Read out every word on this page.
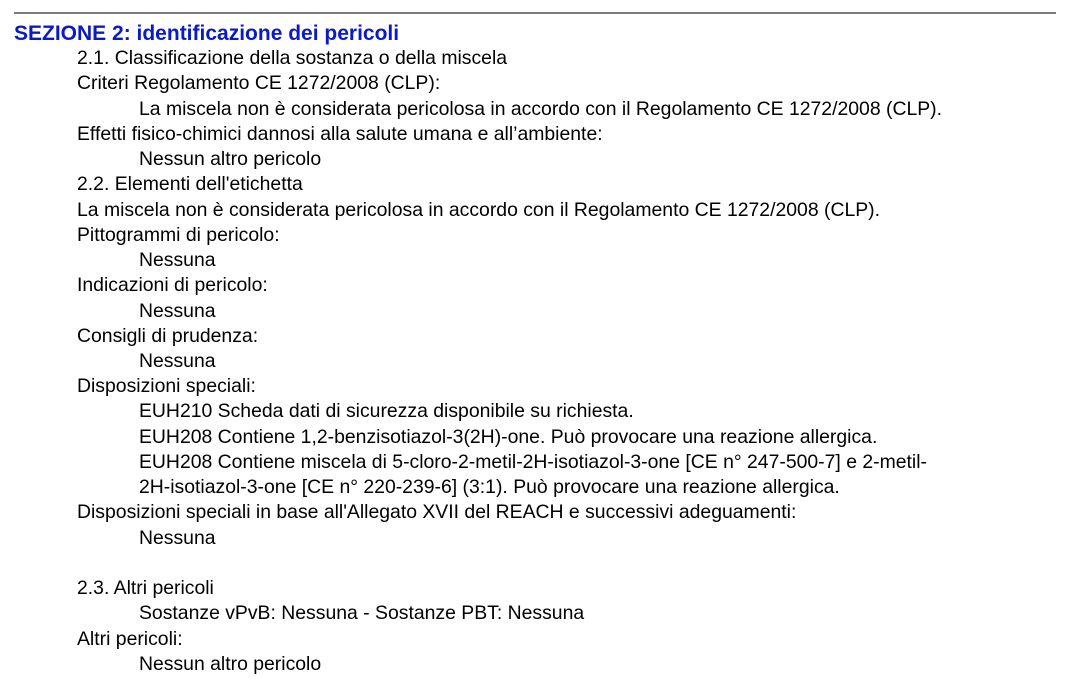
SEZIONE 2: identificazione dei pericoli
2.1. Classificazione della sostanza o della miscela
Criteri Regolamento CE 1272/2008 (CLP):
La miscela non è considerata pericolosa in accordo con il Regolamento CE 1272/2008 (CLP).
Effetti fisico-chimici dannosi alla salute umana e all’ambiente:
Nessun altro pericolo
2.2. Elementi dell'etichetta
La miscela non è considerata pericolosa in accordo con il Regolamento CE 1272/2008 (CLP).
Pittogrammi di pericolo:
Nessuna
Indicazioni di pericolo:
Nessuna
Consigli di prudenza:
Nessuna
Disposizioni speciali:
EUH210 Scheda dati di sicurezza disponibile su richiesta.
EUH208 Contiene 1,2-benzisotiazol-3(2H)-one. Può provocare una reazione allergica.
EUH208 Contiene miscela di 5-cloro-2-metil-2H-isotiazol-3-one [CE n° 247-500-7] e 2-metil-
2H-isotiazol-3-one [CE n° 220-239-6] (3:1). Può provocare una reazione allergica.
Disposizioni speciali in base all'Allegato XVII del REACH e successivi adeguamenti:
Nessuna
2.3. Altri pericoli
Sostanze vPvB: Nessuna - Sostanze PBT: Nessuna
Altri pericoli:
Nessun altro pericolo
